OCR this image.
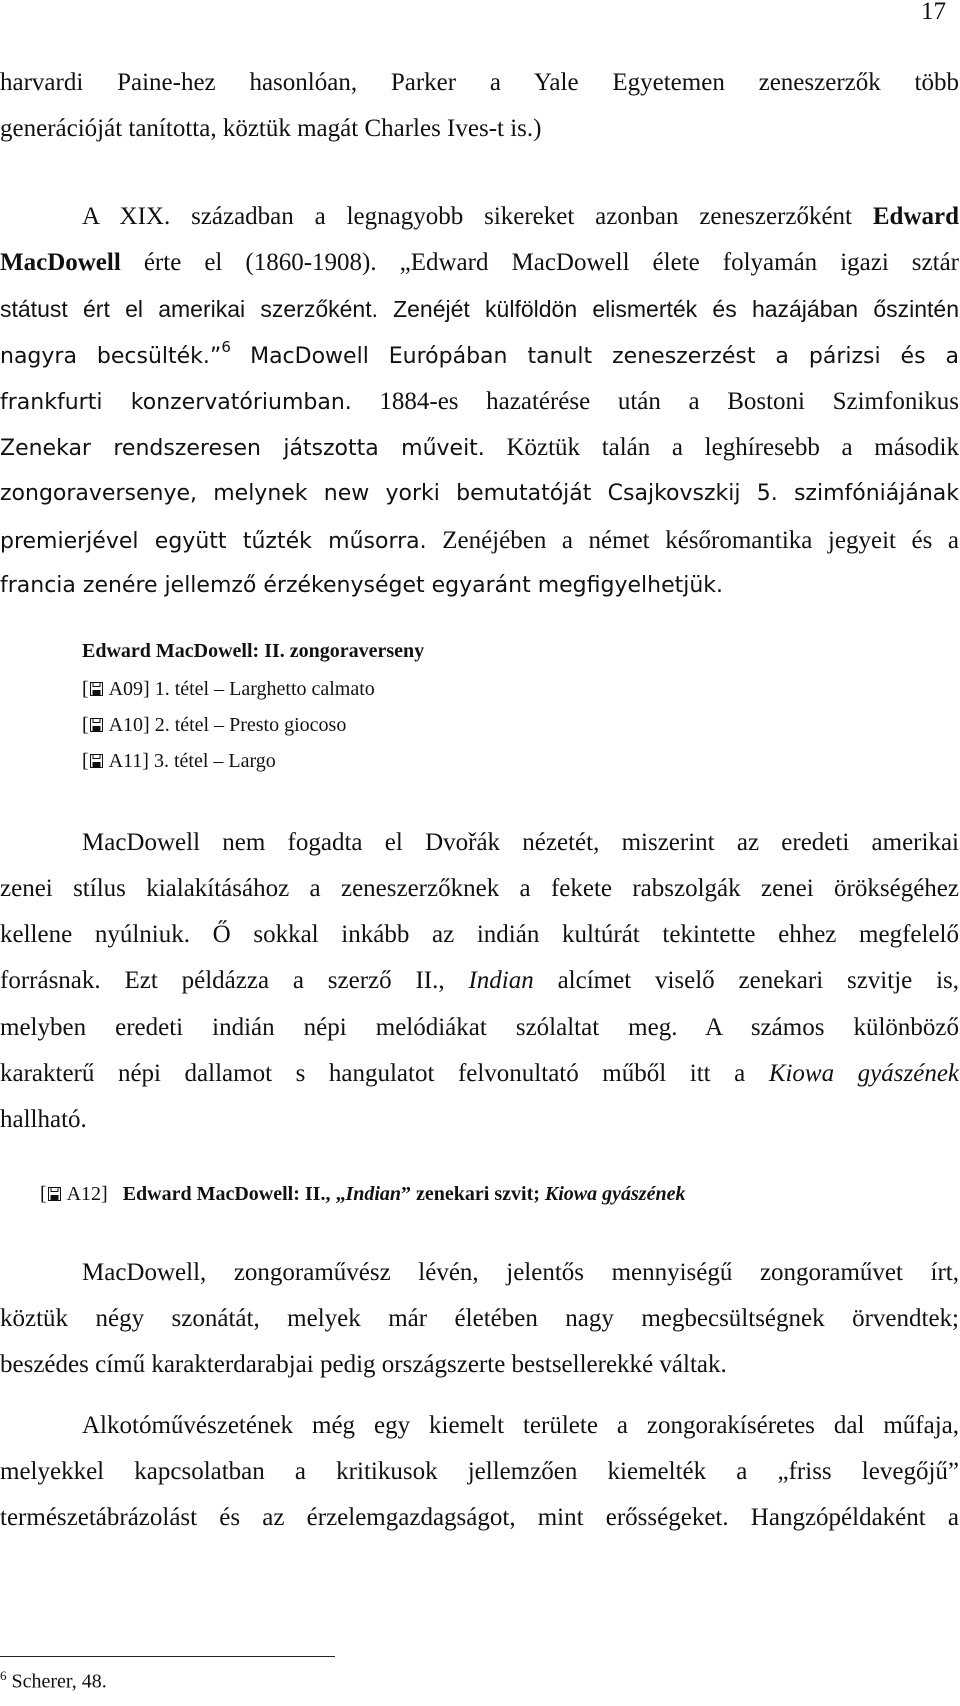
17
harvardi Paine-hez hasonlóan, Parker a Yale Egyetemen zeneszerzők több
generációját tanította, köztük magát Charles Ives-t is.)
A XIX. században a legnagyobb sikereket azonban zeneszerzőként Edward
MacDowell érte el (1860-1908). „Edward MacDowell élete folyamán igazi sztár
státust ért el amerikai szerzőként. Zenéjét külföldön elismerték és hazájában őszintén
nagyra becsülték.”$^6$ MacDowell Európában tanult zeneszerzést a párizsi és a
frankfurti konzervatóriumban. 1884-es hazatérése után a Bostoni Szimfonikus
Zenekar rendszeresen játszotta műveit. Köztük talán a leghíresebb a második
zongoraversenye, melynek new yorki bemutatóját Csajkovszkij 5. szimfóniájának
premierjével együtt tűzték műsorra. Zenéjében a német későromantika jegyeit és a
francia zenére jellemző érzékenységet egyaránt megfigyelhetjük.
Edward MacDowell: II. zongoraverseny
[ A09] 1. tétel – Larghetto calmato
[ A10] 2. tétel – Presto giocoso
[ A11] 3. tétel – Largo
MacDowell nem fogadta el Dvořák nézetét, miszerint az eredeti amerikai
zenei stílus kialakításához a zeneszerzőknek a fekete rabszolgák zenei örökségéhez
kellene nyúlniuk. Ő sokkal inkább az indián kultúrát tekintette ehhez megfelelő
forrásnak. Ezt példázza a szerző II., Indian alcímet viselő zenekari szvitje is,
melyben eredeti indián népi melódiákat szólaltat meg. A számos különböző
karakterű népi dallamot s hangulatot felvonultató műből itt a Kiowa gyászének
hallható.
[ A12] Edward MacDowell: II., „Indian” zenekari szvit; Kiowa gyászének
MacDowell, zongoraművész lévén, jelentős mennyiségű zongoraművet írt,
köztük négy szonátát, melyek már életében nagy megbecsültségnek örvendtek;
beszédes című karakterdarabjai pedig országszerte bestsellerekké váltak.
Alkotóművészetének még egy kiemelt területe a zongorakíséretes dal műfaja,
melyekkel kapcsolatban a kritikusok jellemzően kiemelték a „friss levegőjű”
természetábrázolást és az érzelemgazdagságot, mint erősségeket. Hangzópéldaként a
$^6$ Scherer, 48.
